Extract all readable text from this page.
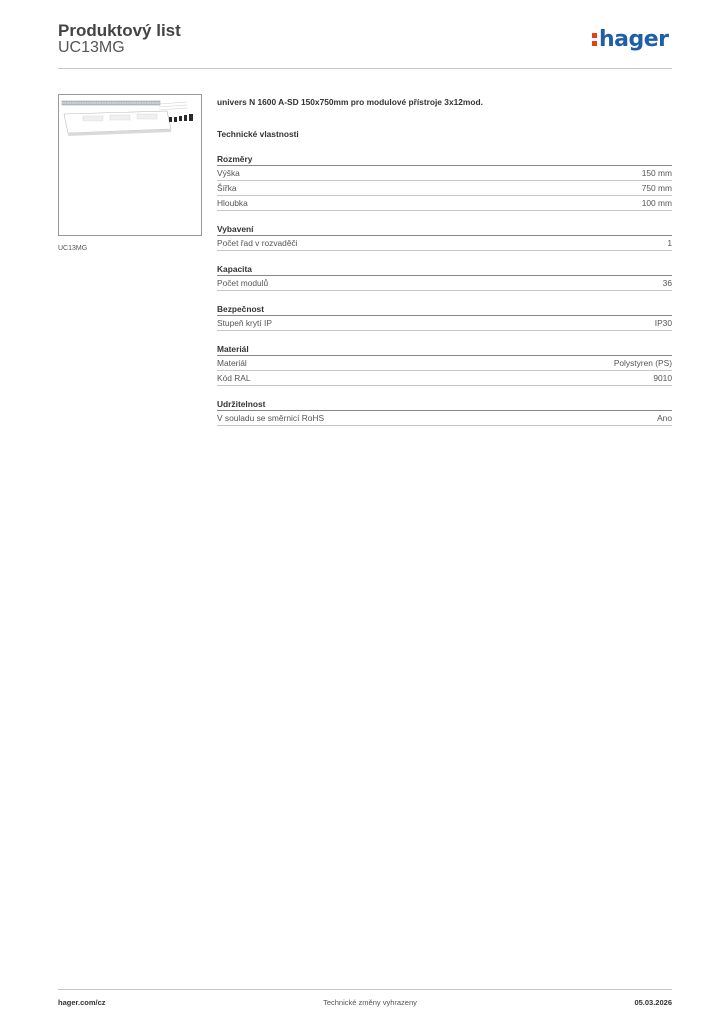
Produktový list
UC13MG	hager
UC13MG
univers N 1600 A-SD 150x750mm pro modulové přístroje 3x12mod.
Technické vlastnosti
Rozměry
Výška	150 mm
Šířka	750 mm
Hloubka	100 mm
Vybavení
Počet řad v rozvaděči	1
Kapacita
Počet modulů	36
Bezpečnost
Stupeň krytí IP	IP30
Materiál
Materiál	Polystyren (PS)
Kód RAL	9010
Udržitelnost
V souladu se směrnicí RoHS	Ano
hager.com/cz	Technické změny vyhrazeny	05.03.2026
